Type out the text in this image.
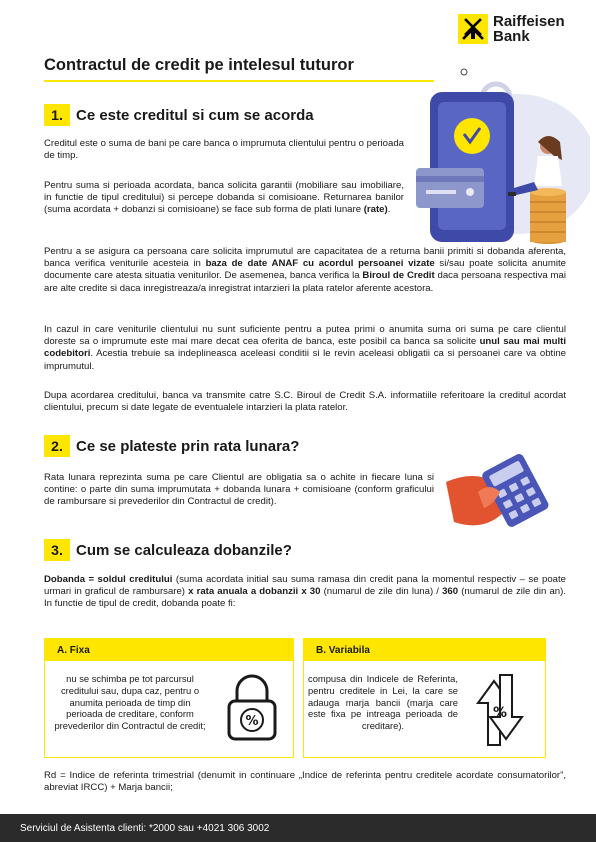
Raiffeisen
Bank
Contractul de credit pe intelesul tuturor
1. Ce este creditul si cum se acorda

Creditul este o suma de bani pe care banca o imprumuta clientului pentru o perioada de timp.

Pentru suma si perioada acordata, banca solicita garantii (mobiliare sau imobiliare, in functie de tipul creditului) si percepe dobanda si comisioane. Returnarea banilor (suma acordata + dobanzi si comisioane) se face sub forma de plati lunare (rate).

Pentru a se asigura ca persoana care solicita imprumutul are capacitatea de a returna banii primiti si dobanda aferenta, banca verifica veniturile acesteia in baza de date ANAF cu acordul persoanei vizate si/sau poate solicita anumite documente care atesta situatia veniturilor. De asemenea, banca verifica la Biroul de Credit daca persoana respectiva mai are alte credite si daca inregistreaza/a inregistrat intarzieri la plata ratelor aferente acestora.

In cazul in care veniturile clientului nu sunt suficiente pentru a putea primi o anumita suma ori suma pe care clientul doreste sa o imprumute este mai mare decat cea oferita de banca, este posibil ca banca sa solicite unul sau mai multi codebitori. Acestia trebuie sa indeplineasca aceleasi conditii si le revin aceleasi obligatii ca si persoanei care va obtine imprumutul.

Dupa acordarea creditului, banca va transmite catre S.C. Biroul de Credit S.A. informatiile referitoare la creditul acordat clientului, precum si date legate de eventualele intarzieri la plata ratelor.

2. Ce se plateste prin rata lunara?

Rata lunara reprezinta suma pe care Clientul are obligatia sa o achite in fiecare luna si contine: o parte din suma imprumutata + dobanda lunara + comisioane (conform graficului de rambursare si prevederilor din Contractul de credit).

3. Cum se calculeaza dobanzile?

Dobanda = soldul creditului (suma acordata initial sau suma ramasa din credit pana la momentul respectiv – se poate urmari in graficul de rambursare) x rata anuala a dobanzii x 30 (numarul de zile din luna) / 360 (numarul de zile din an). In functie de tipul de credit, dobanda poate fi:

A. Fixa
nu se schimba pe tot parcursul creditului sau, dupa caz, pentru o anumita perioada de timp din perioada de creditare, conform prevederilor din Contractul de credit;	%
B. Variabila
compusa din Indicele de Referinta, pentru creditele in Lei, la care se adauga marja bancii (marja care este fixa pe intreaga perioada de creditare).
%

Rd = Indice de referinta trimestrial (denumit in continuare „Indice de referinta pentru creditele acordate consumatorilor”, abreviat IRCC) + Marja bancii;

Serviciul de Asistenta clienti: *2000 sau +4021 306 3002
